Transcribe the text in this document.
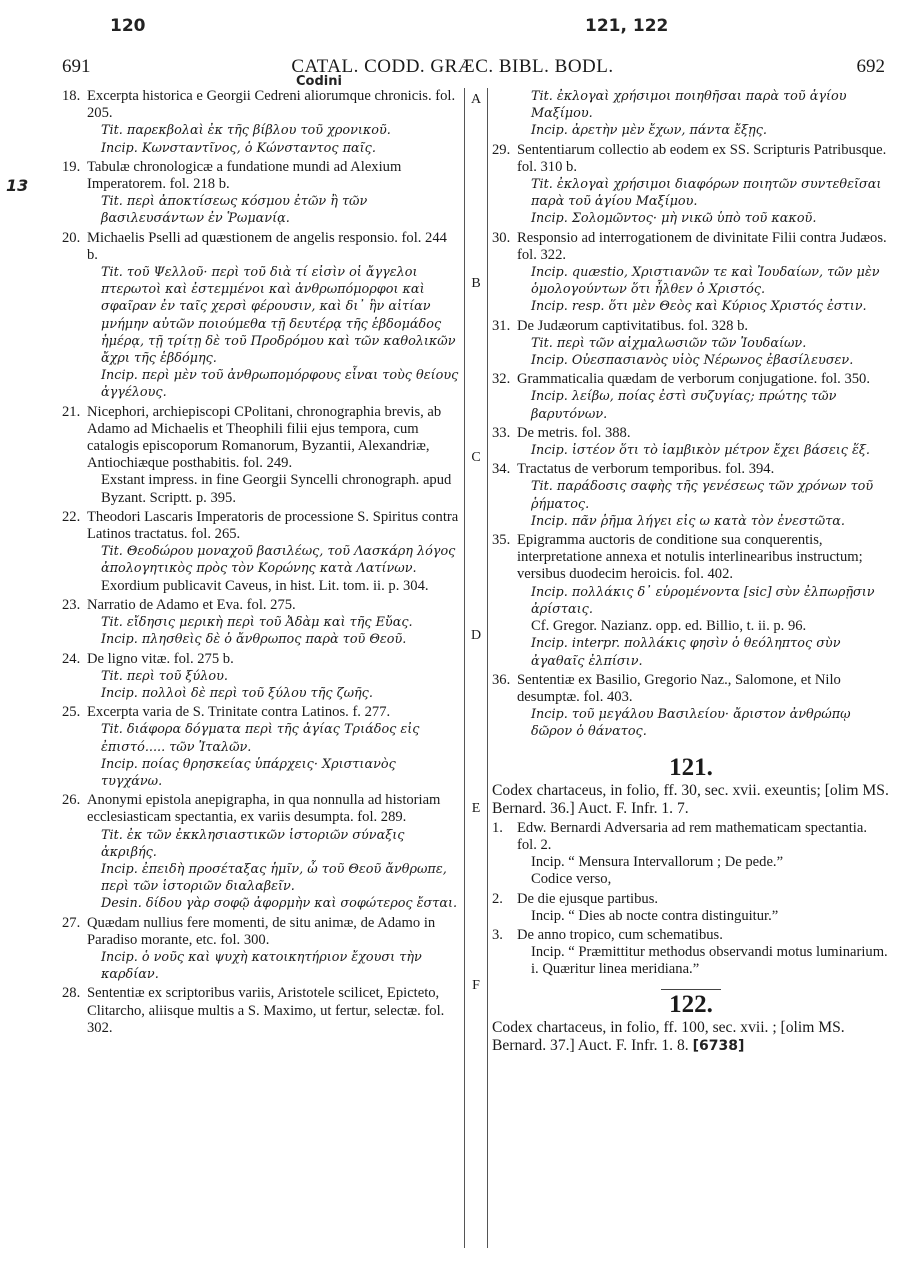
120	121, 122
Codini
13
691	CATAL. CODD. GRÆC. BIBL. BODL.	692
A
B
C
D
E
F
18. Excerpta historica e Georgii Cedreni aliorumque chronicis. fol. 205.
Tit. παρεκβολαὶ ἐκ τῆς βίβλου τοῦ χρονικοῦ.
Incip. Κωνσταντῖνος, ὁ Κώνσταντος παῖς.
19. Tabulæ chronologicæ a fundatione mundi ad Alexium Imperatorem. fol. 218 b.
Tit. περὶ ἀποκτίσεως κόσμου ἐτῶν ἢ τῶν βασιλευσάντων ἐν Ῥωμανίᾳ.
20. Michaelis Pselli ad quæstionem de angelis responsio. fol. 244 b.
Tit. τοῦ Ψελλοῦ· περὶ τοῦ διὰ τί εἰσὶν οἱ ἄγγελοι πτερωτοὶ καὶ ἐστεμμένοι καὶ ἀνθρωπόμορφοι καὶ σφαῖραν ἐν ταῖς χερσὶ φέρουσιν, καὶ δι᾽ ἣν αἰτίαν μνήμην αὐτῶν ποιούμεθα τῇ δευτέρᾳ τῆς ἑβδομάδος ἡμέρᾳ, τῇ τρίτῃ δὲ τοῦ Προδρόμου καὶ τῶν καθολικῶν ἄχρι τῆς ἑβδόμης.
Incip. περὶ μὲν τοῦ ἀνθρωπομόρφους εἶναι τοὺς θείους ἀγγέλους.
21. Nicephori, archiepiscopi CPolitani, chronographia brevis, ab Adamo ad Michaelis et Theophili filii ejus tempora, cum catalogis episcoporum Romanorum, Byzantii, Alexandriæ, Antiochiæque posthabitis. fol. 249.
Exstant impress. in fine Georgii Syncelli chronograph. apud Byzant. Scriptt. p. 395.
22. Theodori Lascaris Imperatoris de processione S. Spiritus contra Latinos tractatus. fol. 265.
Tit. Θεοδώρου μοναχοῦ βασιλέως, τοῦ Λασκάρη λόγος ἀπολογητικὸς πρὸς τὸν Κορώνης κατὰ Λατίνων.
Exordium publicavit Caveus, in hist. Lit. tom. ii. p. 304.
23. Narratio de Adamo et Eva. fol. 275.
Tit. εἴδησις μερικὴ περὶ τοῦ Ἀδὰμ καὶ τῆς Εὔας.
Incip. πλησθεὶς δὲ ὁ ἄνθρωπος παρὰ τοῦ Θεοῦ.
24. De ligno vitæ. fol. 275 b.
Tit. περὶ τοῦ ξύλου.
Incip. πολλοὶ δὲ περὶ τοῦ ξύλου τῆς ζωῆς.
25. Excerpta varia de S. Trinitate contra Latinos. f. 277.
Tit. διάφορα δόγματα περὶ τῆς ἁγίας Τριάδος εἰς ἐπιστό..... τῶν Ἰταλῶν.
Incip. ποίας θρησκείας ὑπάρχεις· Χριστιανὸς τυγχάνω.
26. Anonymi epistola anepigrapha, in qua nonnulla ad historiam ecclesiasticam spectantia, ex variis desumpta. fol. 289.
Tit. ἐκ τῶν ἐκκλησιαστικῶν ἱστοριῶν σύναξις ἀκριβής.
Incip. ἐπειδὴ προσέταξας ἡμῖν, ὦ τοῦ Θεοῦ ἄνθρωπε, περὶ τῶν ἱστοριῶν διαλαβεῖν.
Desin. δίδου γὰρ σοφῷ ἀφορμὴν καὶ σοφώτερος ἔσται.
27. Quædam nullius fere momenti, de situ animæ, de Adamo in Paradiso morante, etc. fol. 300.
Incip. ὁ νοῦς καὶ ψυχὴ κατοικητήριον ἔχουσι τὴν καρδίαν.
28. Sententiæ ex scriptoribus variis, Aristotele scilicet, Epicteto, Clitarcho, aliisque multis a S. Maximo, ut fertur, selectæ. fol. 302.
Tit. ἐκλογαὶ χρήσιμοι ποιηθῆσαι παρὰ τοῦ ἁγίου Μαξίμου.
Incip. ἀρετὴν μὲν ἔχων, πάντα ἔξῃς.
29. Sententiarum collectio ab eodem ex SS. Scripturis Patribusque. fol. 310 b.
Tit. ἐκλογαὶ χρήσιμοι διαφόρων ποιητῶν συντεθεῖσαι παρὰ τοῦ ἁγίου Μαξίμου.
Incip. Σολομῶντος· μὴ νικῶ ὑπὸ τοῦ κακοῦ.
30. Responsio ad interrogationem de divinitate Filii contra Judæos. fol. 322.
Incip. quæstio, Χριστιανῶν τε καὶ Ἰουδαίων, τῶν μὲν ὁμολογούντων ὅτι ἦλθεν ὁ Χριστός.
Incip. resp. ὅτι μὲν Θεὸς καὶ Κύριος Χριστός ἐστιν.
31. De Judæorum captivitatibus. fol. 328 b.
Tit. περὶ τῶν αἰχμαλωσιῶν τῶν Ἰουδαίων.
Incip. Οὐεσπασιανὸς υἱὸς Νέρωνος ἐβασίλευσεν.
32. Grammaticalia quædam de verborum conjugatione. fol. 350.
Incip. λείβω, ποίας ἐστὶ συζυγίας; πρώτης τῶν βαρυτόνων.
33. De metris. fol. 388.
Incip. ἰστέον ὅτι τὸ ἰαμβικὸν μέτρον ἔχει βάσεις ἕξ.
34. Tractatus de verborum temporibus. fol. 394.
Tit. παράδοσις σαφὴς τῆς γενέσεως τῶν χρόνων τοῦ ῥήματος.
Incip. πᾶν ῥῆμα λήγει εἰς ω κατὰ τὸν ἐνεστῶτα.
35. Epigramma auctoris de conditione sua conquerentis, interpretatione annexa et notulis interlinearibus instructum; versibus duodecim heroicis. fol. 402.
Incip. πολλάκις δ᾽ εὑρομένοντα [sic] σὺν ἐλπωρῇσιν ἀρίσταις.
Cf. Gregor. Nazianz. opp. ed. Billio, t. ii. p. 96.
Incip. interpr. πολλάκις φησὶν ὁ θεόληπτος σὺν ἀγαθαῖς ἐλπίσιν.
36. Sententiæ ex Basilio, Gregorio Naz., Salomone, et Nilo desumptæ. fol. 403.
Incip. τοῦ μεγάλου Βασιλείου· ἄριστον ἀνθρώπῳ δῶρον ὁ θάνατος.
121.
Codex chartaceus, in folio, ff. 30, sec. xvii. exeuntis; [olim MS. Bernard. 36.] Auct. F. Infr. 1. 7.
1. Edw. Bernardi Adversaria ad rem mathematicam spectantia. fol. 2.
Incip. “ Mensura Intervallorum ; De pede.”
Codice verso,
2. De die ejusque partibus.
Incip. “ Dies ab nocte contra distinguitur.”
3. De anno tropico, cum schematibus.
Incip. “ Præmittitur methodus observandi motus luminarium. i. Quæritur linea meridiana.”
122.
Codex chartaceus, in folio, ff. 100, sec. xvii. ; [olim MS. Bernard. 37.] Auct. F. Infr. 1. 8. [6738]
